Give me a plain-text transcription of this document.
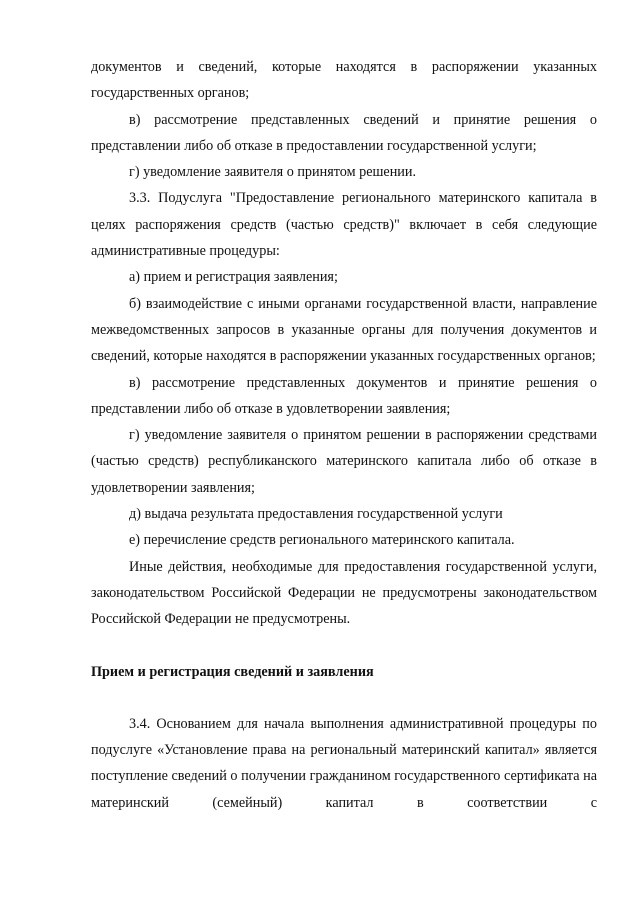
документов и сведений, которые находятся в распоряжении указанных государственных органов;

в) рассмотрение представленных сведений и принятие решения о представлении либо об отказе в предоставлении государственной услуги;

г) уведомление заявителя о принятом решении.

3.3. Подуслуга "Предоставление регионального материнского капитала в целях распоряжения средств (частью средств)" включает в себя следующие административные процедуры:

а) прием и регистрация заявления;

б) взаимодействие с иными органами государственной власти, направление межведомственных запросов в указанные органы для получения документов и сведений, которые находятся в распоряжении указанных государственных органов;

в) рассмотрение представленных документов и принятие решения о представлении либо об отказе в удовлетворении заявления;

г) уведомление заявителя о принятом решении в распоряжении средствами (частью средств) республиканского материнского капитала либо об отказе в удовлетворении заявления;

д) выдача результата предоставления государственной услуги

е) перечисление средств регионального материнского капитала.

Иные действия, необходимые для предоставления государственной услуги, законодательством Российской Федерации не предусмотрены законодательством Российской Федерации не предусмотрены.

Прием и регистрация сведений и заявления

3.4. Основанием для начала выполнения административной процедуры по подуслуге «Установление права на региональный материнский капитал» является поступление сведений о получении гражданином государственного сертификата на материнский (семейный) капитал в соответствии с
